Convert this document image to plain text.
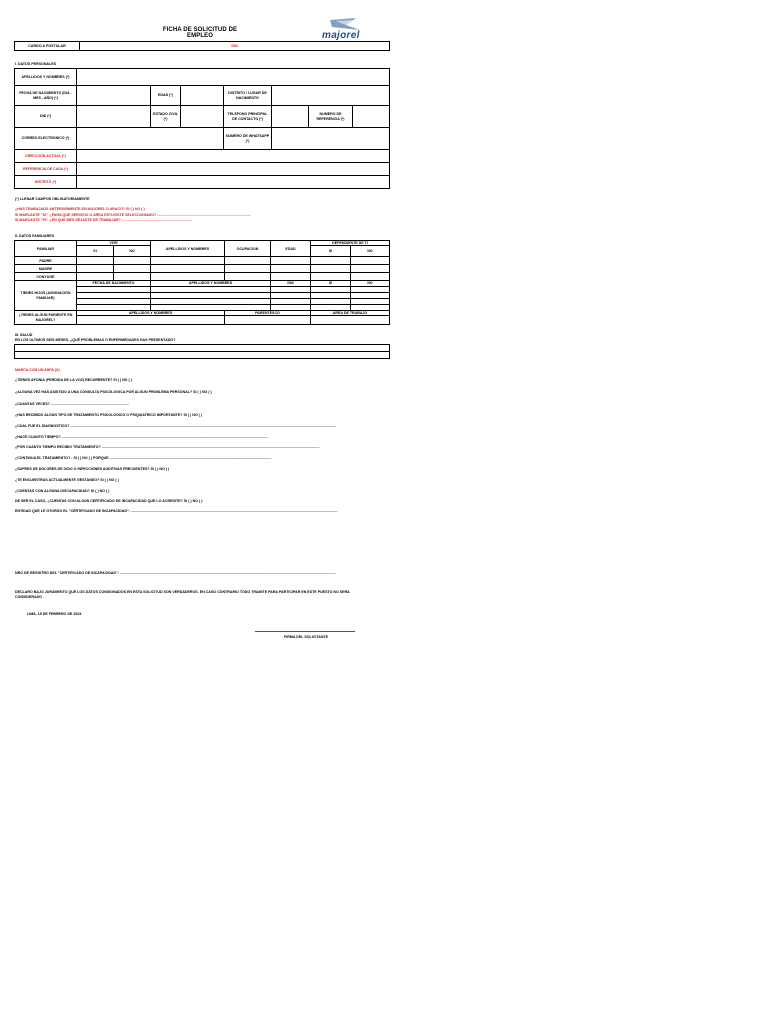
FICHA DE SOLICITUD DE EMPLEO	majorel
CARGO A POSTULAR	DNI
I. DATOS PERSONALES
APELLIDOS Y NOMBRES (*)							
FECHA DE NACIMIENTO (DIA - MES - AÑO) (*)		EDAD (*)		DISTRITO / LUGAR DE NACIMIENTO			
DNI (*)		ESTADO CIVIL (*)		TELEFONO PRINCIPAL DE CONTACTO (*)		NUMERO DE REFERENCIA (*)	
CORREO ELECTRONICO (*)				NUMERO DE WHATSAPP (*)			
DIRECCIÓN ACTUAL (*)							
REFERENCIA DE CASA (*)							
DISTRITO (*)							
(*) LLENAR CAMPOS OBLIGATORIAMENTE
¿HAS TRABAJADO ANTERIORMENTE EN MAJOREL O ARACO? SI ( ) NO ( )
SI MARCASTE "SI", ¿PARA QUE SERVICIO O AREA ESTUVISTE SELECCIONADO? ..............................................................................................
SI MARCASTE "SI", ¿EN QUE MES DEJASTE DE TRABAJAR? ......................................................................
II. DATOS FAMILIARES
FAMILIAR	VIVE		APELLIDOS Y NOMBRES	OCUPACION	EDAD	DEPENDIENTE DE TI	
	SI	NO				SI	NO
PADRE							
MADRE							
CONYUGE							
TIENES HIJOS (ASIGNACIÓN FAMILIAR)	FECHA DE NACIMIENTO		APELLIDOS Y NOMBRES		DNI	SI	NO

¿TIENES ALGUN PARIENTE EN MAJOREL?	APELLIDOS Y NOMBRES			PARENTESCO		AREA DE TRABAJO	

III. SALUD
EN LOS ULTIMOS SEIS MESES, ¿QUÉ PROBLEMAS O ENFERMEDADES HAS PRESENTADO?

MARCA CON UN ASPA (X)
¿TIENES AFONIA (PERDIDA DE LA VOZ) RECURRENTE? SI ( ) NO ( )
¿ALGUNA VEZ HAS ASISTIDO A UNA CONSULTA PSICOLOGICA POR ALGUN PROBLEMA PERSONAL? SI ( ) NO ( )
¿CUANTAS VECES? ..............................................................................
¿HAS RECIBIDO ALGUN TIPO DE TRATAMIENTO PSICOLOGICO O PSIQUIATRICO IMPORTANTE? SI ( ) NO ( )
¿CUAL FUE EL DIAGNOSTICO? ..........................................................................................................................................................................................................................................................................
¿HACE CUANTO TIEMPO? ...............................................................................................................................................................................................................
¿POR CUANTO TIEMPO RECIBIO TRATAMIENTO? ..........................................................................................................................................................................................................................
¿CONTINUA EL TRATAMIENTO? - SI ( ) NO ( ) PORQUE ..................................................................................................................................................................
¿SUFRES DE DOLORES DE OIDO O INFECCIONES AUDITIVAS FRECUENTES? SI ( ) NO ( )
¿TE ENCUENTRAS ACTUALMENTE GESTANDO? SI ( ) NO ( )
¿CUENTAS CON ALGUNA DISCAPACIDAD? SI ( ) NO ( )
DE SER EL CASO, ¿CUENTAS CON ALGUN CERTIFICADO DE INCAPACIDAD QUE LO ACREDITE? SI ( ) NO ( )
ENTIDAD QUE LE OTORGO EL "CERTIFICADO DE INCAPACIDAD": ...............................................................................................................................................................................................................
NRO DE REGISTRO DEL "CERTIFICADO DE INCAPACIDAD": ........................................................................................................................................................................................................................
DECLARO BAJO JURAMENTO QUE LOS DATOS CONSIGNADOS EN ESTA SOLICITUD SON VERDADEROS. EN CASO CONTRARIO TODO TRAMITE PARA PARTICIPAR EN ESTE PUESTO NO SERA CONSIDERADO
LIMA, 15 DE FEBRERO DE 2024
FIRMA DEL SOLICITANTE
